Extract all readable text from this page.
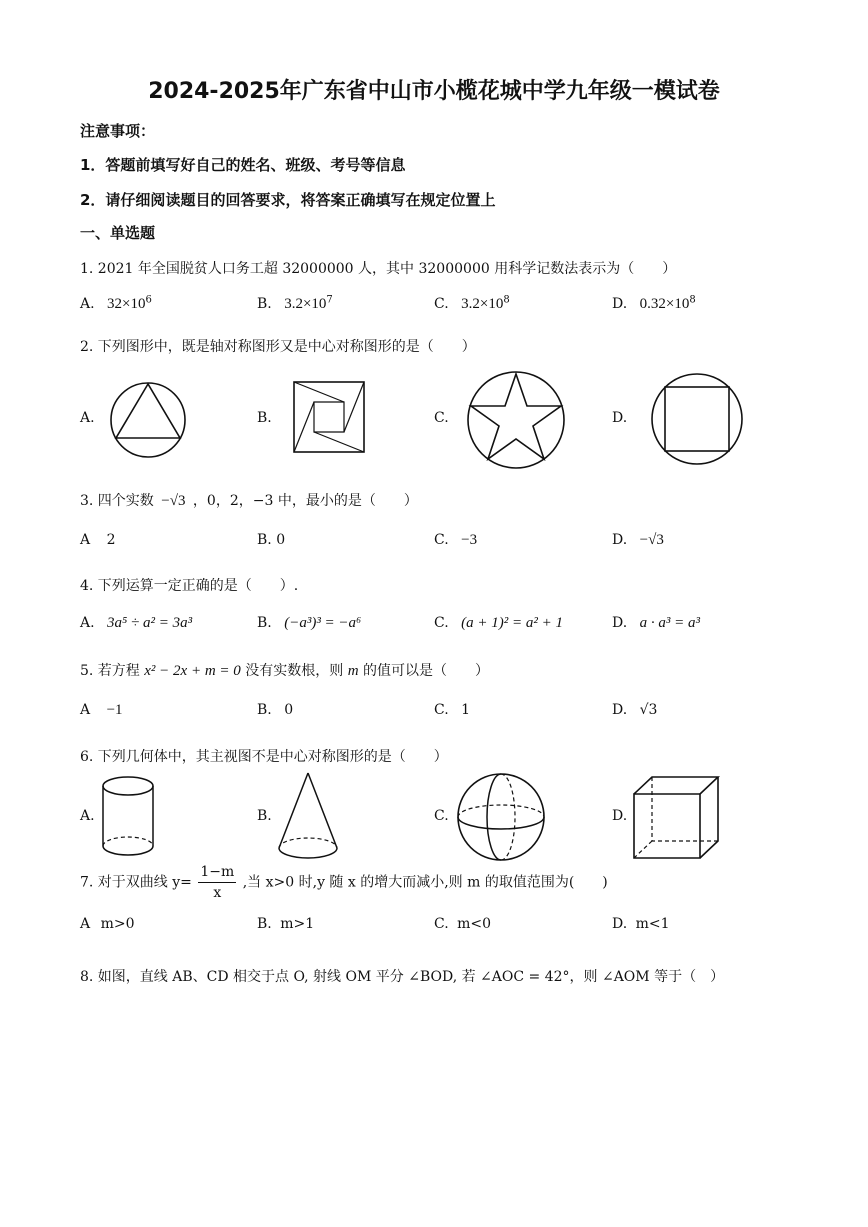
2024-2025年广东省中山市小榄花城中学九年级一模试卷
注意事项：
1．答题前填写好自己的姓名、班级、考号等信息
2．请仔细阅读题目的回答要求，将答案正确填写在规定位置上
一、单选题
1. 2021 年全国脱贫人口务工超 32000000 人，其中 32000000 用科学记数法表示为（　　）
A. $32\times 10^6$	B. $3.2\times 10^7$	C. $3.2\times 10^8$	D. $0.32\times 10^8$
2. 下列图形中，既是轴对称图形又是中心对称图形的是（　　）
A.	B.	C.	D.
3. 四个实数 −√3 ，0，2，−3 中，最小的是（　　）
A 2	B. 0	C. −3	D. −√3
4. 下列运算一定正确的是（　　）.
A. 3a⁵ ÷ a² = 3a³	B. (−a³)³ = −a⁶	C. (a + 1)² = a² + 1	D. a · a³ = a³
5. 若方程 x² − 2x + m = 0 没有实数根，则 m 的值可以是（　　）
A −1	B. 0	C. 1	D. √3
6. 下列几何体中，其主视图不是中心对称图形的是（　　）
A.	B.	C.	D.
7. 对于双曲线 $y= \frac{1-m}{x}$ ,当 x>0 时,y 随 x 的增大而减小,则 m 的取值范围为(　　)
A m>0	B. m>1	C. m<0	D. m<1
8. 如图，直线 AB、CD 相交于点 O, 射线 OM 平分 ∠BOD, 若 ∠AOC = 42°，则 ∠AOM 等于（　）
